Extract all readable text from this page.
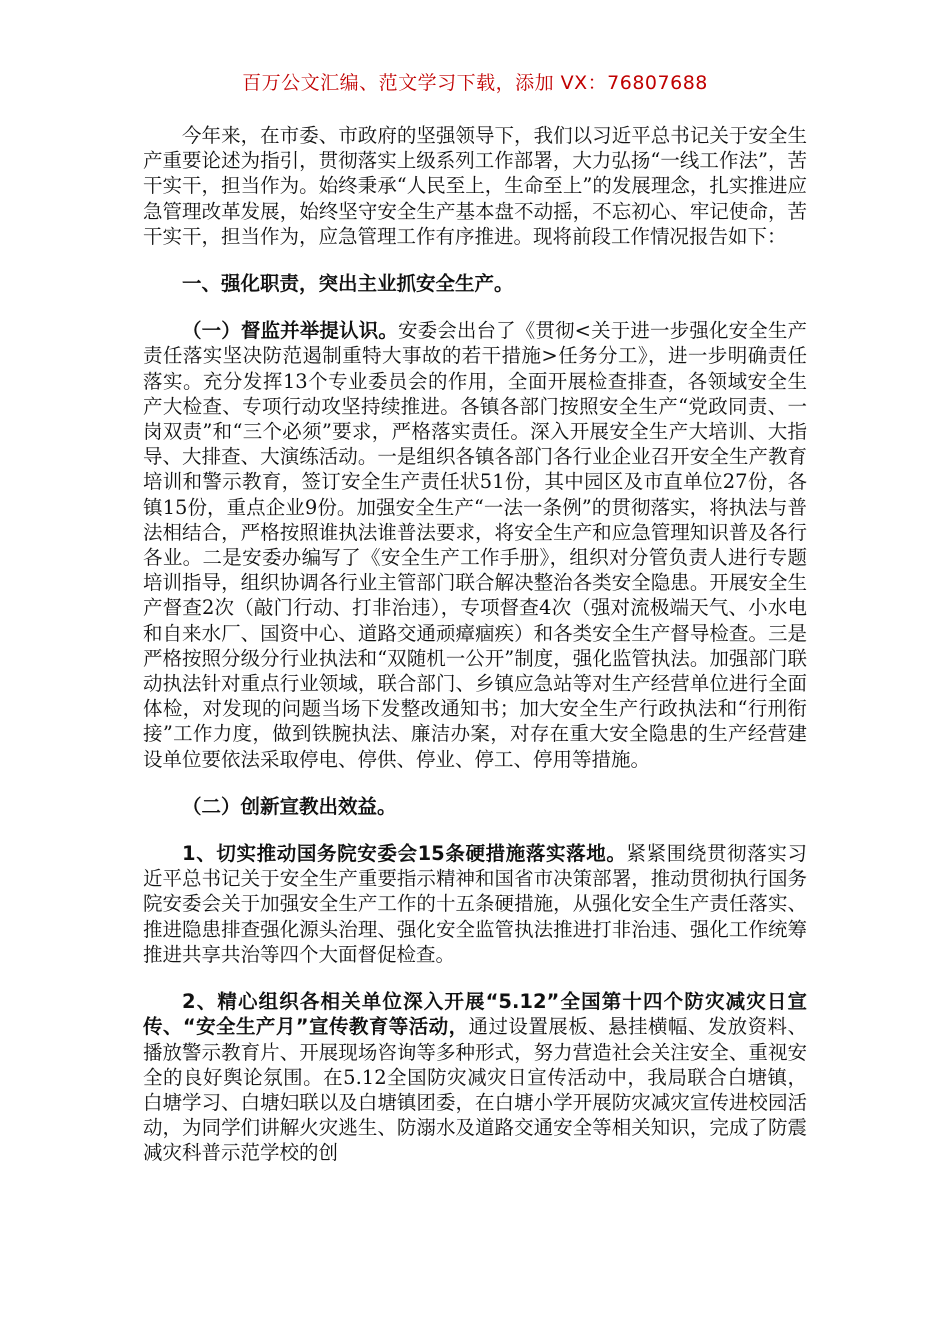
百万公文汇编、范文学习下载，添加 VX：76807688

今年来，在市委、市政府的坚强领导下，我们以习近平总书记关于安全生产重要论述为指引，贯彻落实上级系列工作部署，大力弘扬“一线工作法”，苦干实干，担当作为。始终秉承“人民至上，生命至上”的发展理念，扎实推进应急管理改革发展，始终坚守安全生产基本盘不动摇，不忘初心、牢记使命，苦干实干，担当作为，应急管理工作有序推进。现将前段工作情况报告如下：

一、强化职责，突出主业抓安全生产。

（一）督监并举提认识。安委会出台了《贯彻<关于进一步强化安全生产责任落实坚决防范遏制重特大事故的若干措施>任务分工》，进一步明确责任落实。充分发挥13个专业委员会的作用，全面开展检查排查，各领域安全生产大检查、专项行动攻坚持续推进。各镇各部门按照安全生产“党政同责、一岗双责”和“三个必须”要求，严格落实责任。深入开展安全生产大培训、大指导、大排查、大演练活动。一是组织各镇各部门各行业企业召开安全生产教育培训和警示教育，签订安全生产责任状51份，其中园区及市直单位27份，各镇15份，重点企业9份。加强安全生产“一法一条例”的贯彻落实，将执法与普法相结合，严格按照谁执法谁普法要求，将安全生产和应急管理知识普及各行各业。二是安委办编写了《安全生产工作手册》，组织对分管负责人进行专题培训指导，组织协调各行业主管部门联合解决整治各类安全隐患。开展安全生产督查2次（敲门行动、打非治违），专项督查4次（强对流极端天气、小水电和自来水厂、国资中心、道路交通顽瘴痼疾）和各类安全生产督导检查。三是严格按照分级分行业执法和“双随机一公开”制度，强化监管执法。加强部门联动执法针对重点行业领域，联合部门、乡镇应急站等对生产经营单位进行全面体检，对发现的问题当场下发整改通知书；加大安全生产行政执法和“行刑衔接”工作力度，做到铁腕执法、廉洁办案，对存在重大安全隐患的生产经营建设单位要依法采取停电、停供、停业、停工、停用等措施。

（二）创新宣教出效益。

1、切实推动国务院安委会15条硬措施落实落地。紧紧围绕贯彻落实习近平总书记关于安全生产重要指示精神和国省市决策部署，推动贯彻执行国务院安委会关于加强安全生产工作的十五条硬措施，从强化安全生产责任落实、推进隐患排查强化源头治理、强化安全监管执法推进打非治违、强化工作统筹推进共享共治等四个大面督促检查。

2、精心组织各相关单位深入开展“5.12”全国第十四个防灾减灾日宣传、“安全生产月”宣传教育等活动，通过设置展板、悬挂横幅、发放资料、播放警示教育片、开展现场咨询等多种形式，努力营造社会关注安全、重视安全的良好舆论氛围。在5.12全国防灾减灾日宣传活动中，我局联合白塘镇，白塘学习、白塘妇联以及白塘镇团委，在白塘小学开展防灾减灾宣传进校园活动，为同学们讲解火灾逃生、防溺水及道路交通安全等相关知识，完成了防震减灾科普示范学校的创
